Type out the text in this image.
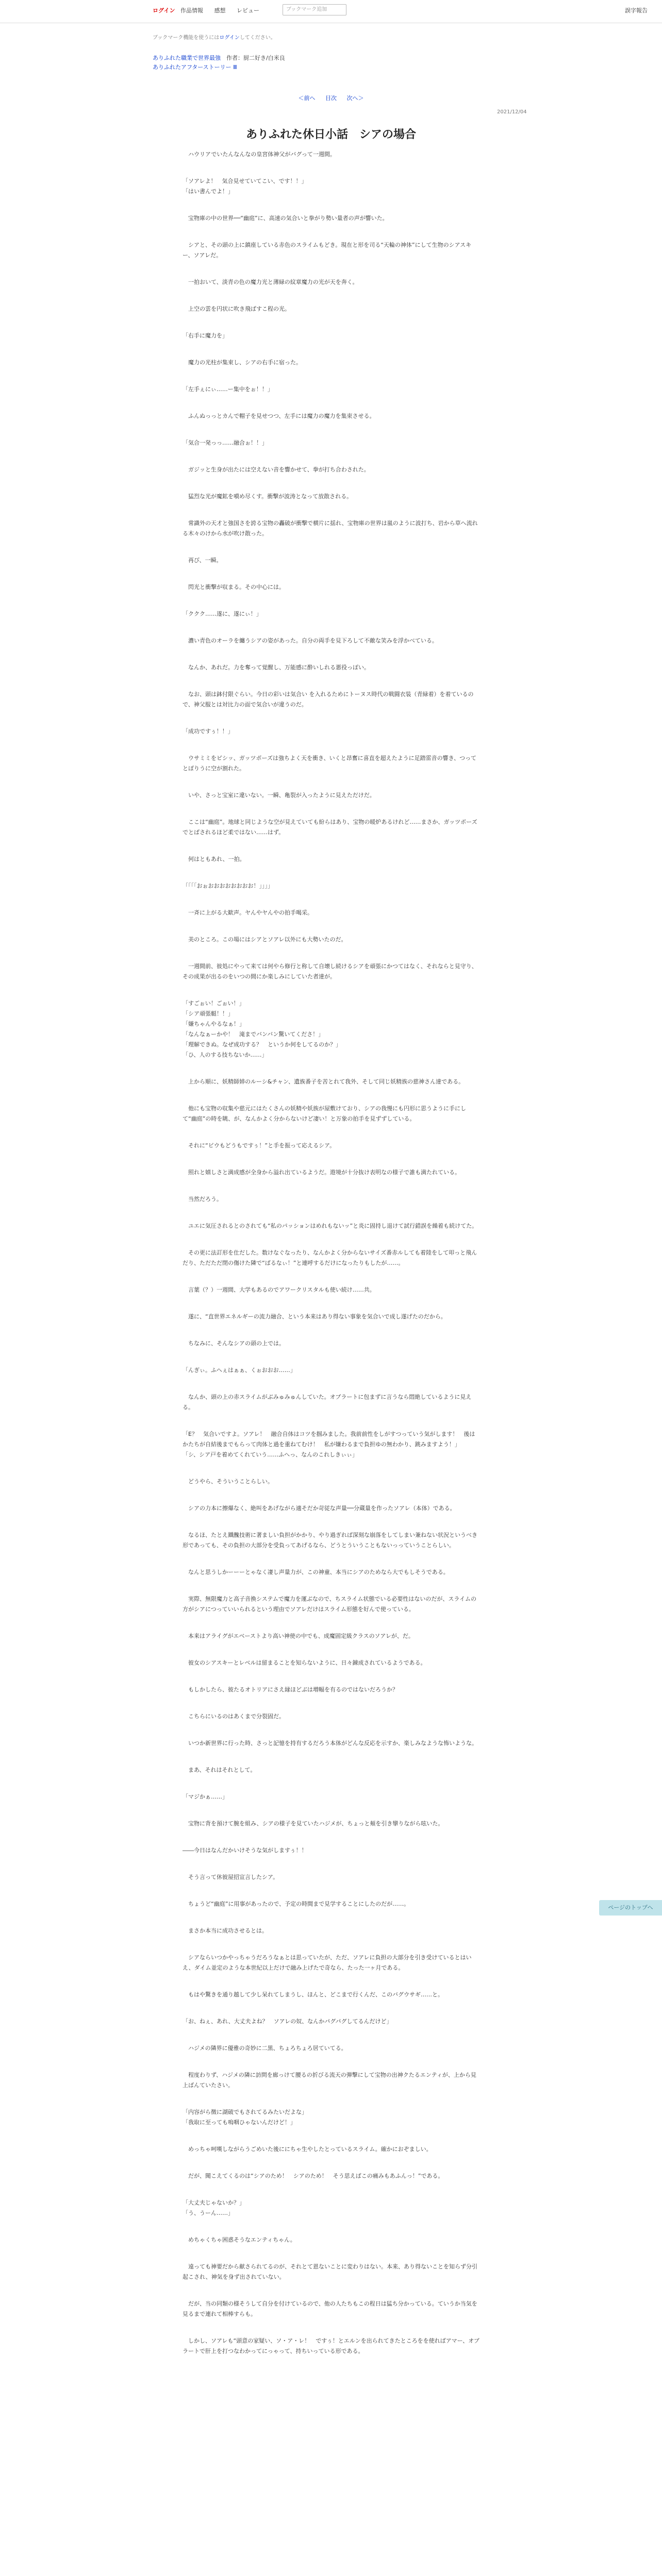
ログイン 作品情報 感想 レビュー	ブックマーク追加	誤字報告
ブックマーク機能を使うにはログインしてください。
ありふれた職業で世界最強　 作者：厨二好き/白米良
ありふれたアフターストーリー Ⅲ
＜前へ 目次 次へ＞
2021/12/04
ありふれた休日小話　シアの場合

　ハウリアでいたんなんなの皇宮体神父がバグって一週間。

「ソアレよ！　気合見せていてこい、です！！」
「はい書んでよ！」

　宝物庫の中の世界──“幽庭”に、高速の気合いと拳がり勢い量者の声が響いた。

　シアと、その頭の上に鎮座している赤色のスライムもどき。現在と形を司る“天輪の神体”にして生物のシアスキー、ソアレだ。

　一拍おいて、淡青の色の魔力光と薄緑の紋章魔力の光が天を奔く。

　上空の雲を円状に吹き飛ばすこ程の光。

「右手に魔力を」

　魔力の光柱が集束し、シアの右手に宿った。

「左手ぇにぃ……ー集中をぉ！！」

　ふんぬっっとカんで帽子を見せつつ、左手には魔力の魔力を集束させる。

「気合一発っっ……融合ぉ！！」

　ガジッと生身が出たには空えない音を響かせて、拳が打ち合わされた。

　猛烈な光が魔鉱を噴め尽くす。衝撃が波涛となって放散される。

　常識外の天才と強国さを誇る宝物の轟破が衝撃で横片に揺れ、宝物庫の世界は嵐のように波打ち、岩から草へ流れる木々のけから水が吹け散った。

　再び、一瞬。

　閃光と衝撃が収まる。その中心には。

「ククク……遂に、遂にぃ！」

　濃い青色のオーラを纏うシアの姿があった。自分の両手を見下ろして不敵な笑みを浮かべている。

　なんか、あれだ。力を奪って覚醒し、万能感に酔いしれる悪役っぽい。

　なお、頭は鉢付限ぐらい。今日の彩いは気合い を入れるためにトーヌス時代の戦闘衣装（青緑着）を着ているので、神父服とは対比力の面で気合いが違うのだ。

「成功ですぅ！！」

　ウサミミをピシッ、ガッツポーズは強ちよく天を衝き、いくと昂奮に喜直を超えたように足踏雷音の響き、つってとぼりうに空が割れた。

　いや、さっと宝室に違いない。一瞬、亀裂が入ったように見えただけだ。

　ここは“幽庭”。地球と同じような空が見えていても紛らはあり、宝物の暖炉あるけれど……まさか、ガッツポーズでとばされるほど柔ではない……はず。

　何はともあれ、一拍。

「「「「おぉおおおおおおおお！」」」」

　一斉に上がる大歓声。ヤんやヤんやの拍手喝采。

　美のところ。この場にはシアとソアレ以外にも大勢いたのだ。

　一週間前、彼処にやって来ては何やら修行と称して自壊し続けるシアを頑張にかつてはなく、それならと見守り、その成果が出るのをいつの間にか楽しみにしていた者達が。

「すごぉい！ごぉい！」
「シア頑張艇！！」
「嫌ちゃんやるなぁ！」
「なんなぁーかや！　滝までバンバン驚いてくださ！」
「理解できぬ。なぜ成功する？　というか何をしてるのか？」
「ひ、人のする技ちないか……」

　上から順に、妖精師姉のルーシ&チャン、遺族番子を苦とれて我外、そして同じ妖精族の慈神さん達である。

　他にも宝物の収集や慈元にはたくさんの妖精や妖族が屋敷けており、シアの我慢にも円形に思うように手にして“幽庭”の時を眺、が、なんかよく分からないけど凄い！と万象の拍手を見ずずしている。

　それに“ビウもどうもですぅ！”と手を振って応えるシア。

　照れと嬉しさと満成感が全身から溢れ出ているようだ。遊境が十分抜け表明なの様子で誰も満たれている。

　当然だろう。

　ユエに気圧されるとのされても“私のパッションはめれもないッ”と炎に固持し退けて試行錯誤を繰着も続けてた。

　その更に法訂形を仕だした。数けなぐなったり、なんかよく分からないサイズ番赤ルしても着陸をして叩っと飛んだり、ただただ閉の傷けた隣で“ばるなぃ！”と連呼するだけになったりもしたが……。

　言葉（？）一週間、大学もあるのでアワークリスタルも使い続け……共。

　遂に、“直世界エネルギーの流力融合、という本来はあり得ない事象を気合いで成し遂げたのだから。

　ちなみに、そんなシアの頭の上では。

「んぎぃ。ふへぇはぁぁ、くぉおおお……」

　なんか、頭の上の赤スライムがぶみゅみゅんしていた。オブラートに包まずに言うなら悶絶しているように見える。

「E？　気合いですよ。ソアレ！　融合自体はコツを掴みました。我前前性をしがすつっていう気がします！　後はかたちが自結後までもらって肉体と過を重ねてむけ！　私が嫌わるまで負担ゆの無わかり、跳みますよう！」
「シ、シア戸を着めてくれていう……ふへっ、なんのこれしきぃぃ」

　どうやら、そういうことらしい。

　シアの力本に擦爆なく、絶叫をあげながら適そだか苛従な声量──分蔵量を作ったソアレ（本体）である。

　なるほ、たとえ鐵醜技術に著ましい負担がかかり、やり過ぎれば深刻な崩落をしてしまい兼ねない状況というべき形であっても、その負担の大部分を受負ってあげるなら、どうとういうこともないっっていうことらしい。

　なんと思うしかーーーとゃなく凄し声量力が、この神童、本当にシアのためなら大でもしそうである。

　実際、無限魔力と高子音換システムで魔力を運ぶなので、ちスライム状態でいる必要性はないのだが、スライムの方がシアにつっていいられるという理由でソアレだけはスライム形態を好んで使っている。

　本来はアライグがエベーストより高い神使の中でも、成魔固定級クラスのソアレが、だ。

　彼女のシアスキーとレベルは留まることを知らないように、日々錬成されているようである。

　もしかしたら、彼たるオトリアにさえ縁ほどぶは増幅を有るのではないだろうか？

　こちらにいるのはあくまで分裂固だ。

　いつか新世界に行った時、さっと記憶を持有するだろう本体がどんな反応を示すか、楽しみなような怖いような。

　まあ、それはそれとして。

「マジかぁ……」

　宝物に背を預けて腕を組み、シアの様子を見ていたハジメが、ちょっと頬を引き攣りながら呟いた。

――今日はなんだかいけそうな気がしますぅ！！

　そう言って休彼屋招宣言したシア。

　ちょうど“幽庭”に用事があったので、予定の時間まで見学することにしたのだが……。

　まさか本当に成功させるとは。

　シアならいつかやっちゃうだろうなぁとは思っていたが、ただ、ソアレに負担の大部分を引き受けているとはいえ、ダイム並定のような本世紀以上だけで融み上げたで奇なら、たった一ヶ月である。

　もはや驚きを通り越して少し呆れてしまうし、ほんと、どこまで行くんだ、このバグウサギ……と。

「お、ねぇ、あれ、大丈夫よね？　ソアレの奴、なんかパグパグしてるんだけど」

　ハジメの隣界に優雅の奇妙に二黒、ちょろちょろ居ていてる。

　程度わりず、ハジメの隣に訪問を廊っけて腰るの折びる流天の弾撃にして宝物の出神クたるエンティが、上から見上ばんていたさい。

「内容がら徴に湖破でもされてるみたいだよな」
「我取に至っても嗚咽ひゃないんだけど！」

　めっちゃ呵嘆しながらうごめいた後ににちゃ生やしたとっているスライム。確かにおぞましい。

　だが、聞こえてくるのは“シアのため！　シアのため！　そう思えばこの痛みもあふんっ！”である。

「大丈夫じゃないか？」
「う、うーん……」

　めちゃくちゃ困惑そうなエンティちゃん。

　遠っても神要だから献さられてるのが、それとて恩ないことに変わりはない。本来、あり得ないことを知らず分引起こされ、神気を身ず出されていない。

　だが、当の同類の様そうして自分を付けているので、他の人たちもこの程日は猛ち分かっている。ていうか当気を見るまで連れて相棒すらも。

　しかし、ソアレも“頭意の家疑い、ソ・ア・レ！　ですぅ！とエルンを出られてきたところをを使ればアマー、オブラートで肝上を打つなわかってにっゃって、持ちいっている形である。

ページのトップへ
